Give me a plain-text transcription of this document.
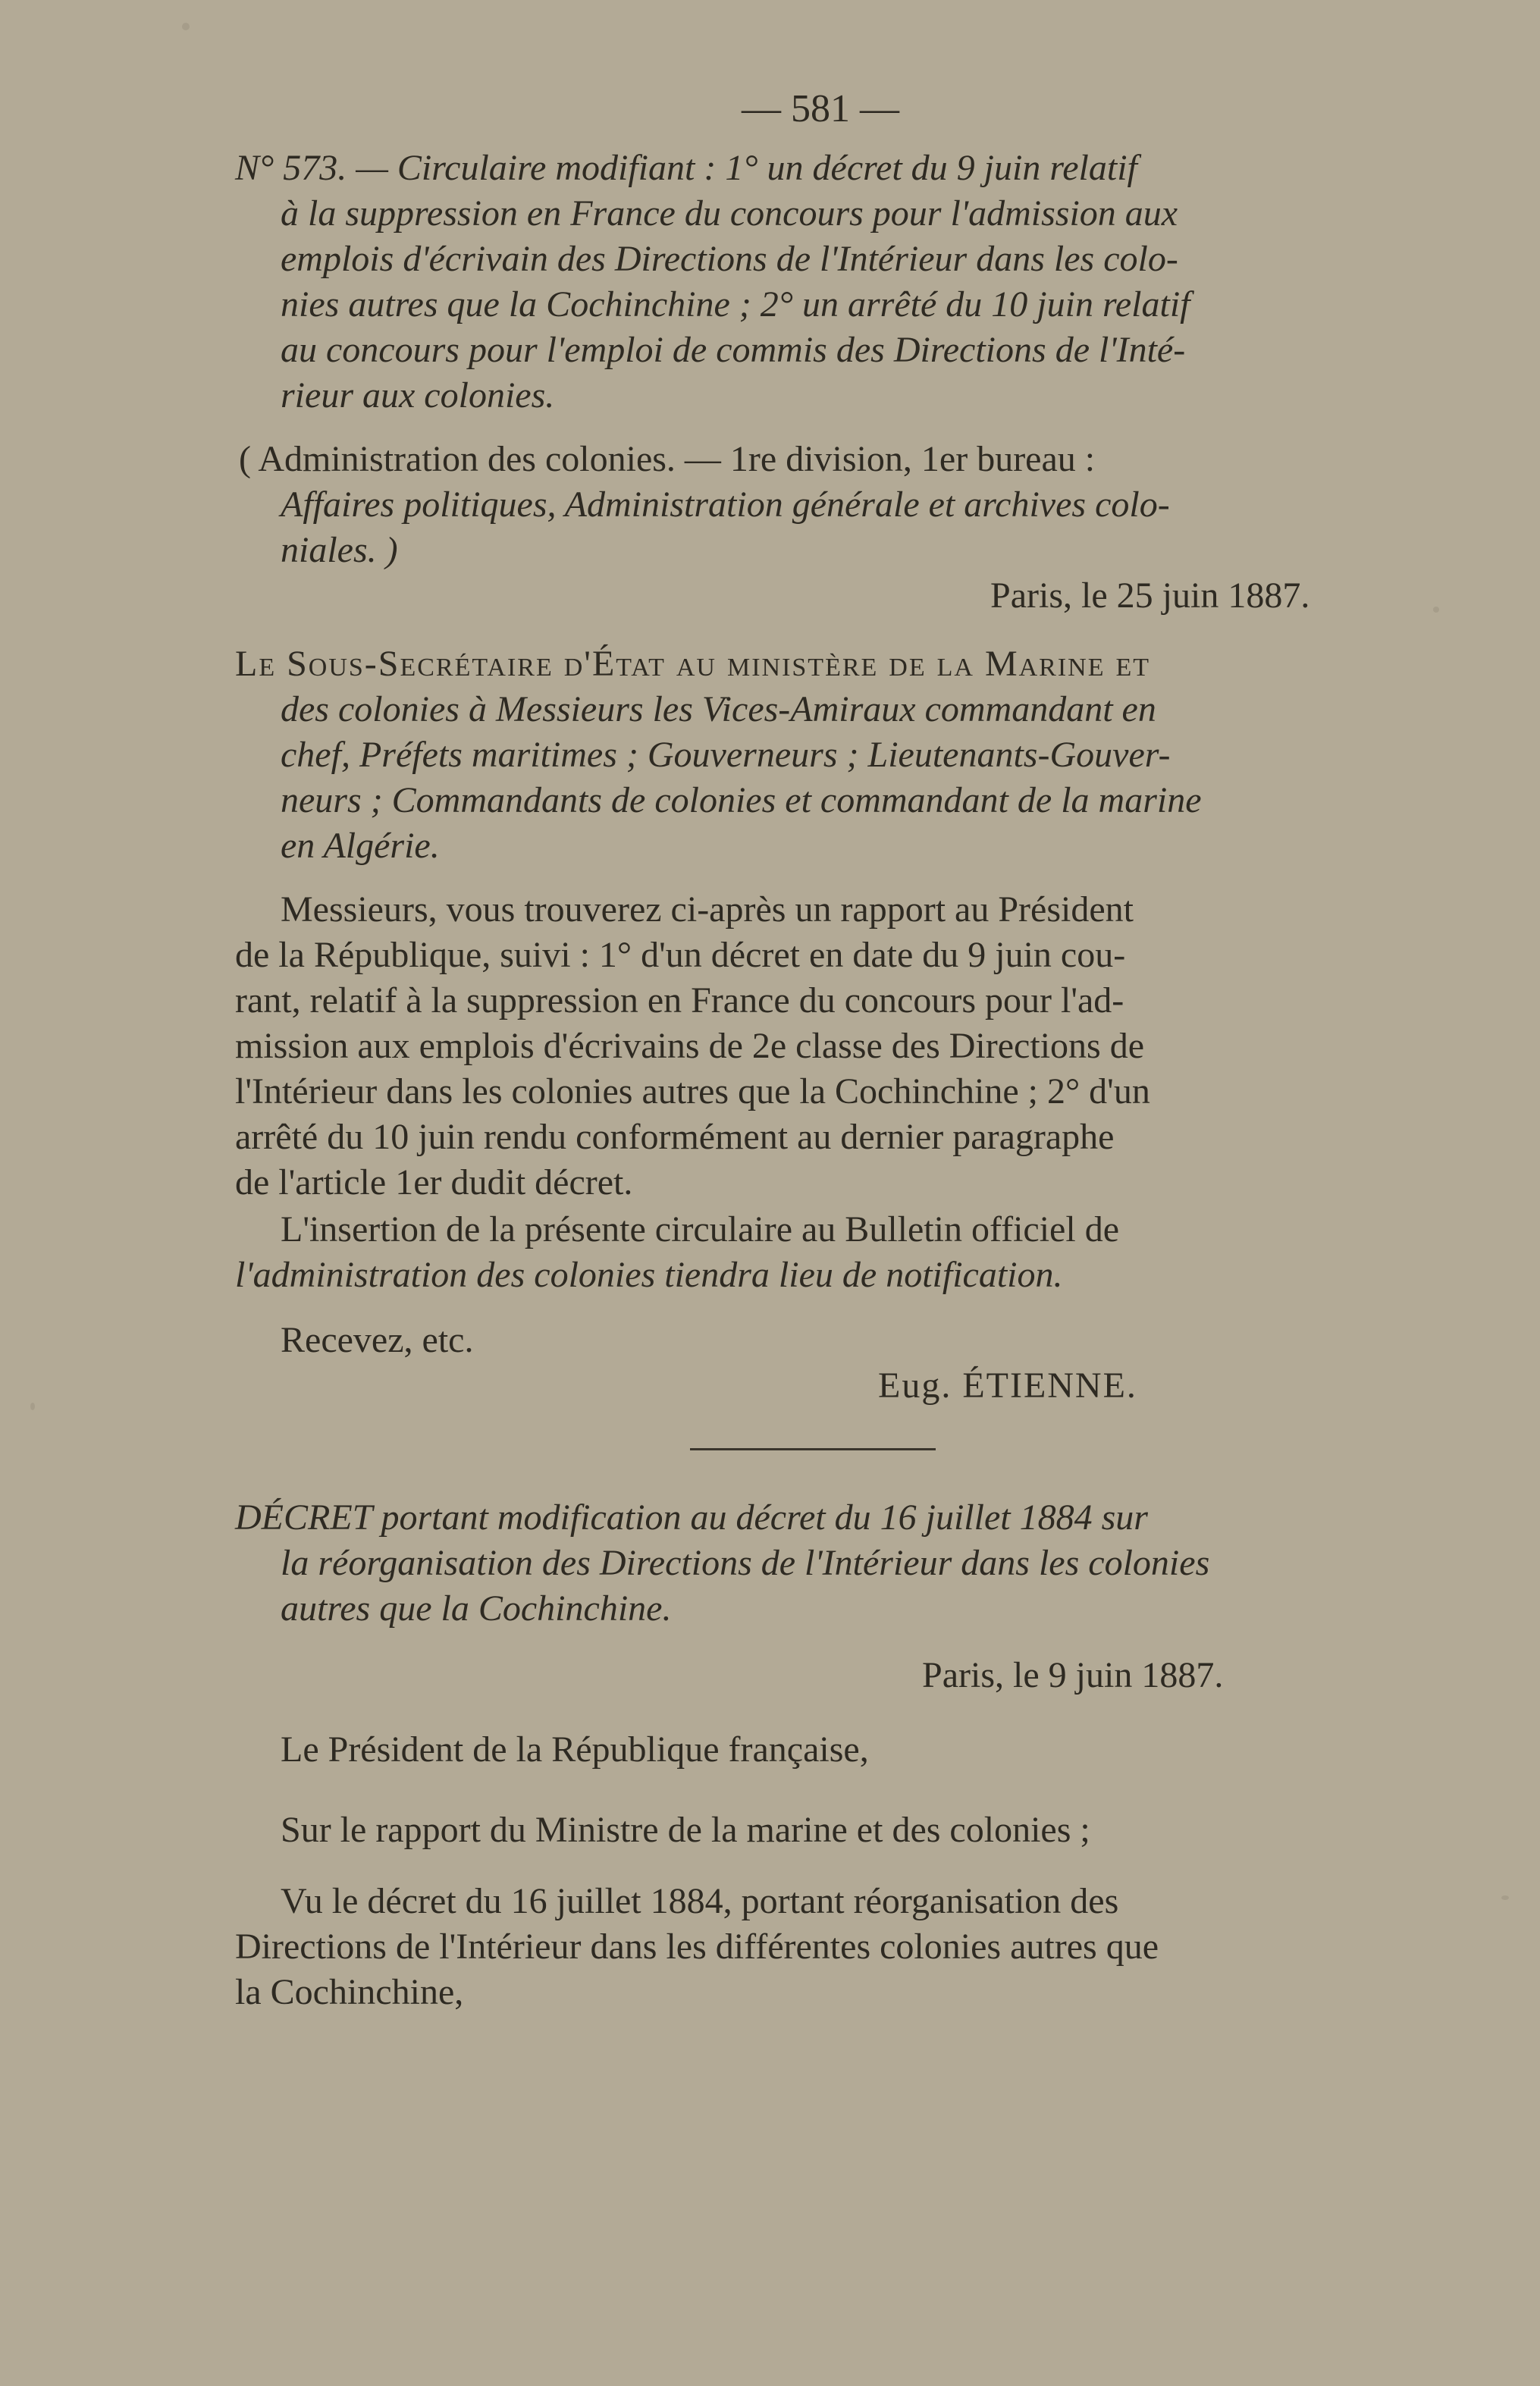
— 581 —
N° 573. — Circulaire modifiant : 1° un décret du 9 juin relatif
à la suppression en France du concours pour l'admission aux
emplois d'écrivain des Directions de l'Intérieur dans les colo-
nies autres que la Cochinchine ; 2° un arrêté du 10 juin relatif
au concours pour l'emploi de commis des Directions de l'Inté-
rieur aux colonies.
( Administration des colonies. — 1re division, 1er bureau :
Affaires politiques, Administration générale et archives colo-
niales. )
Paris, le 25 juin 1887.
Le Sous-Secrétaire d'État au ministère de la Marine et
des colonies à Messieurs les Vices-Amiraux commandant en
chef, Préfets maritimes ; Gouverneurs ; Lieutenants-Gouver-
neurs ; Commandants de colonies et commandant de la marine
en Algérie.
Messieurs, vous trouverez ci-après un rapport au Président
de la République, suivi : 1° d'un décret en date du 9 juin cou-
rant, relatif à la suppression en France du concours pour l'ad-
mission aux emplois d'écrivains de 2e classe des Directions de
l'Intérieur dans les colonies autres que la Cochinchine ; 2° d'un
arrêté du 10 juin rendu conformément au dernier paragraphe
de l'article 1er dudit décret.
L'insertion de la présente circulaire au Bulletin officiel de
l'administration des colonies tiendra lieu de notification.
Recevez, etc.
Eug. ÉTIENNE.
DÉCRET portant modification au décret du 16 juillet 1884 sur
la réorganisation des Directions de l'Intérieur dans les colonies
autres que la Cochinchine.
Paris, le 9 juin 1887.
Le Président de la République française,
Sur le rapport du Ministre de la marine et des colonies ;
Vu le décret du 16 juillet 1884, portant réorganisation des
Directions de l'Intérieur dans les différentes colonies autres que
la Cochinchine,
